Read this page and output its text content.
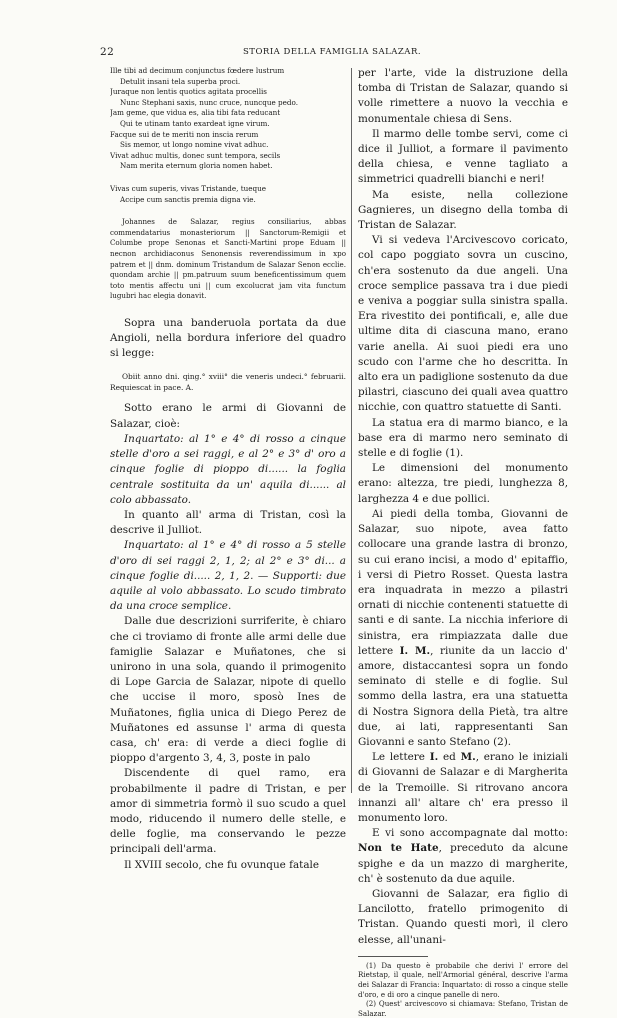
22	STORIA DELLA FAMIGLIA SALAZAR.
Ille tibi ad decimum conjunctus fœdere lustrum
Detulit insani tela superba proci.
Juraque non lentis quotics agitata procellis
Nunc Stephani saxis, nunc cruce, nuncque pedo.
Jam geme, que vidua es, alia tibi fata reducant
Qui te utinam tanto exardeat igne virum.
Facque sui de te meriti non inscia rerum
Sis memor, ut longo nomine vivat adhuc.
Vivat adhuc multis, donec sunt tempora, secils
Nam merita eternum gloria nomen habet.
Vivas cum superis, vivas Tristande, tueque
Accipe cum sanctis premia digna vie.

Johannes de Salazar, regius consiliarius, abbas commendatarius monasteriorum || Sanctorum-Remigii et Columbe prope Senonas et Sancti-Martini prope Eduam || necnon archidiaconus Senonensis reverendissimum in xpo patrem et || dnm. dominum Tristandum de Salazar Senon ecclie. quondam archie || pm.patruum suum beneficentissimum quem toto mentis affectu uni || cum excolucrat jam vita functum lugubri hac elegia donavit.

Sopra una banderuola portata da due Angioli, nella bordura inferiore del quadro si legge:

Obiit anno dni. qing.° xviii° die veneris undeci.° februarii. Requiescat in pace. A.

Sotto erano le armi di Giovanni de Salazar, cioè:

Inquartato: al 1° e 4° di rosso a cinque stelle d'oro a sei raggi, e al 2° e 3° d' oro a cinque foglie di pioppo di...... la foglia centrale sostituita da un' aquila di...... al colo abbassato.

In quanto all' arma di Tristan, così la descrive il Julliot.

Inquartato: al 1° e 4° di rosso a 5 stelle d'oro di sei raggi 2, 1, 2; al 2° e 3° di... a cinque foglie di..... 2, 1, 2. — Supporti: due aquile al volo abbassato. Lo scudo timbrato da una croce semplice.

Dalle due descrizioni surriferite, è chiaro che ci troviamo di fronte alle armi delle due famiglie Salazar e Muñatones, che si unirono in una sola, quando il primogenito di Lope Garcia de Salazar, nipote di quello che uccise il moro, sposò Ines de Muñatones, figlia unica di Diego Perez de Muñatones ed assunse l' arma di questa casa, ch' era: di verde a dieci foglie di pioppo d'argento 3, 4, 3, poste in palo

Discendente di quel ramo, era probabilmente il padre di Tristan, e per amor di simmetria formò il suo scudo a quel modo, riducendo il numero delle stelle, e delle foglie, ma conservando le pezze principali dell'arma.

Il XVIII secolo, che fu ovunque fatale

per l'arte, vide la distruzione della tomba di Tristan de Salazar, quando si volle rimettere a nuovo la vecchia e monumentale chiesa di Sens.

Il marmo delle tombe servi, come ci dice il Julliot, a formare il pavimento della chiesa, e venne tagliato a simmetrici quadrelli bianchi e neri!

Ma esiste, nella collezione Gagnieres, un disegno della tomba di Tristan de Salazar.

Vi si vedeva l'Arcivescovo coricato, col capo poggiato sovra un cuscino, ch'era sostenuto da due angeli. Una croce semplice passava tra i due piedi e veniva a poggiar sulla sinistra spalla. Era rivestito dei pontificali, e, alle due ultime dita di ciascuna mano, erano varie anella. Ai suoi piedi era uno scudo con l'arme che ho descritta. In alto era un padiglione sostenuto da due pilastri, ciascuno dei quali avea quattro nicchie, con quattro statuette di Santi.

La statua era di marmo bianco, e la base era di marmo nero seminato di stelle e di foglie (1).

Le dimensioni del monumento erano: altezza, tre piedi, lunghezza 8, larghezza 4 e due pollici.

Ai piedi della tomba, Giovanni de Salazar, suo nipote, avea fatto collocare una grande lastra di bronzo, su cui erano incisi, a modo d' epitaffio, i versi di Pietro Rosset. Questa lastra era inquadrata in mezzo a pilastri ornati di nicchie contenenti statuette di santi e di sante. La nicchia inferiore di sinistra, era rimpiazzata dalle due lettere I. M., riunite da un laccio d' amore, distaccantesi sopra un fondo seminato di stelle e di foglie. Sul sommo della lastra, era una statuetta di Nostra Signora della Pietà, tra altre due, ai lati, rappresentanti San Giovanni e santo Stefano (2).

Le lettere I. ed M., erano le iniziali di Giovanni de Salazar e di Margherita de la Tremoille. Si ritrovano ancora innanzi all' altare ch' era presso il monumento loro.

E vi sono accompagnate dal motto: Non te Hate, preceduto da alcune spighe e da un mazzo di margherite, ch' è sostenuto da due aquile.

Giovanni de Salazar, era figlio di Lancilotto, fratello primogenito di Tristan. Quando questi morì, il clero elesse, all'unani-

(1) Da questo è probabile che derivi l' errore del Rietstap, il quale, nell'Armorial général, descrive l'arma dei Salazar di Francia: Inquartato: di rosso a cinque stelle d'oro, e di oro a cinque panelle di nero.

(2) Quest' arcivescovo si chiamava: Stefano, Tristan de Salazar.
